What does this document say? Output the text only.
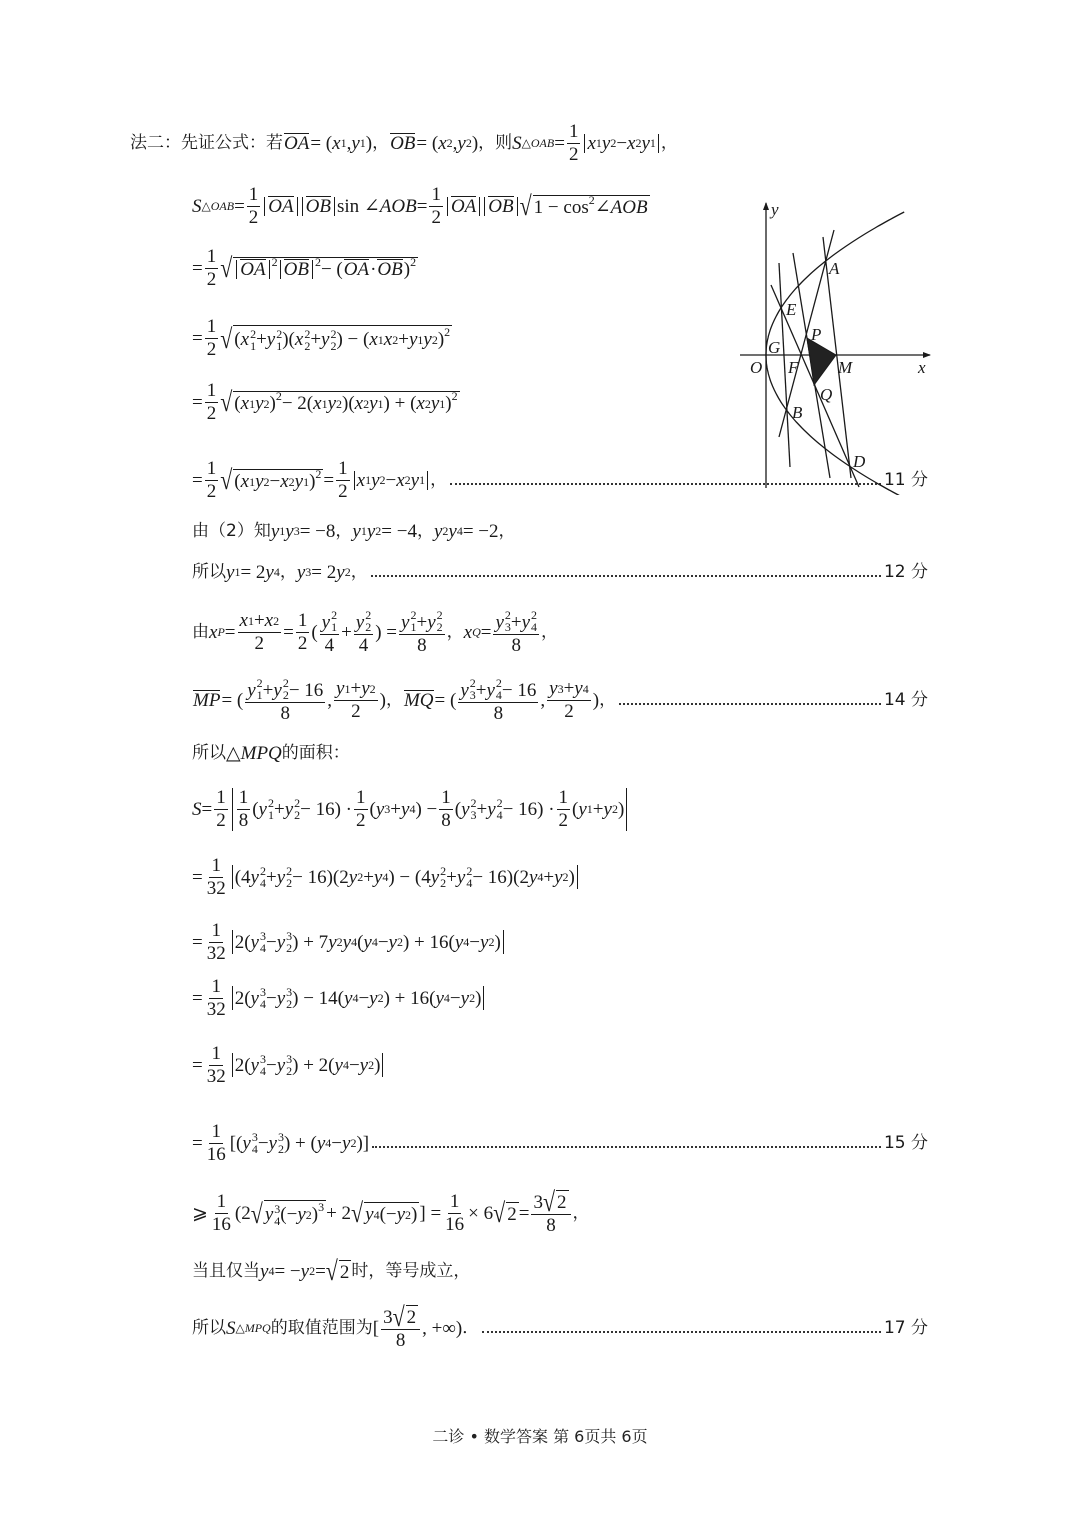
法二：先证公式：若 OA = ( x 1 , y 1 ) ， OB = ( x 2 , y 2 ) ，则 S △OAB = $\frac{1}{2}$ x 1 y 2 − x 2 y 1 ，
S △OAB = $\frac{1}{2}$ OA OB sin ∠ AOB = $\frac{1}{2}$ OA OB √ 1 − cos 2 ∠ AOB
= $\frac{1}{2}$ √ OA 2 OB 2 − ( OA · OB ) 2
= $\frac{1}{2}$ √ ( x 2
1 + y 2
1 )( x 2
2 + y 2
2 ) − ( x 1 x 2 + y 1 y 2 ) 2
= $\frac{1}{2}$ √ ( x 1 y 2 ) 2 − 2( x 1 y 2 )( x 2 y 1 ) + ( x 2 y 1 ) 2
= $\frac{1}{2}$ √ ( x 1 y 2 − x 2 y 1 ) $2 = \frac{1}{2}$ x 1 y 2 − x 2 y 1 ，	11 分
由（2）知 y 1 y 3 = −8 ， y 1 y 2 = −4 ， y 2 y 4 = −2 ，
所以 y 1 = 2 y 4 ， y 3 = 2 y 2 ，	12 分
由 x $P = \frac{x 1 + x 2}{2} = \frac{1}{2}$ ( y 2
1
4 + y 2
2
4 ) = y 2
1 + y 2
2
8 ， x Q = y 2
3 + y 2
4
8 ，
MP = ( y 2
1 + y 2
2 − 16
8 , $\frac{y 1 + y 2}{2}$ ) ， MQ = ( y 2
3 + y 2
4 − 16
8 , $\frac{y 3 + y 4}{2}$ ) ，	14 分
所以 △ MPQ 的面积：
$S = \frac{1}{2} \frac{1}{8}$ ( y 2
1 + y 2
$2 - 16) \cdot \frac{1}{2}$ ( y 3 + y 4 ) − $\frac{1}{8}$ ( y 2
3 + y 2
$4 - 16) \cdot \frac{1}{2}$ ( y 1 + y 2 )
= $\frac{1}{32} (4$ y 2
4 + y 2
2 − 16)(2 y 2 + y 4 ) − (4 y 2
2 + y 2
4 − 16)(2 y 4 + y 2 )
= $\frac{1}{32} 2$( y 3
4 − y 3
2 ) + 7 y 2 y 4 ( y 4 − y 2 ) + 16( y 4 − y 2 )
= $\frac{1}{32} 2$( y 3
4 − y 3
2 ) − 14( y 4 − y 2 ) + 16( y 4 − y 2 )
= $\frac{1}{32} 2$( y 3
4 − y 3
2 ) + 2( y 4 − y 2 )
= $\frac{1}{16}$ [( y 3
4 − y 3
2 ) + ( y 4 − y 2 )]	15 分
⩾ $\frac{1}{16} (2$ √ y 3
4 (− y 2 ) 3 + 2 √ y 4 (− y 2 ) ] = $\frac{1}{16} \times 6$ √ $2 = \frac{3 √ 2}{8}$ ，
当且仅当 y 4 = − y 2 = √ 2 时，等号成立，
所以 S △MPQ 的取值范围为 [ $\frac{3 √ 2}{8}$ , +∞) ．	17 分
y
x
O
A
E
P
G
F M
Q
B
D
二诊 • 数学答案 第 6页共 6页
